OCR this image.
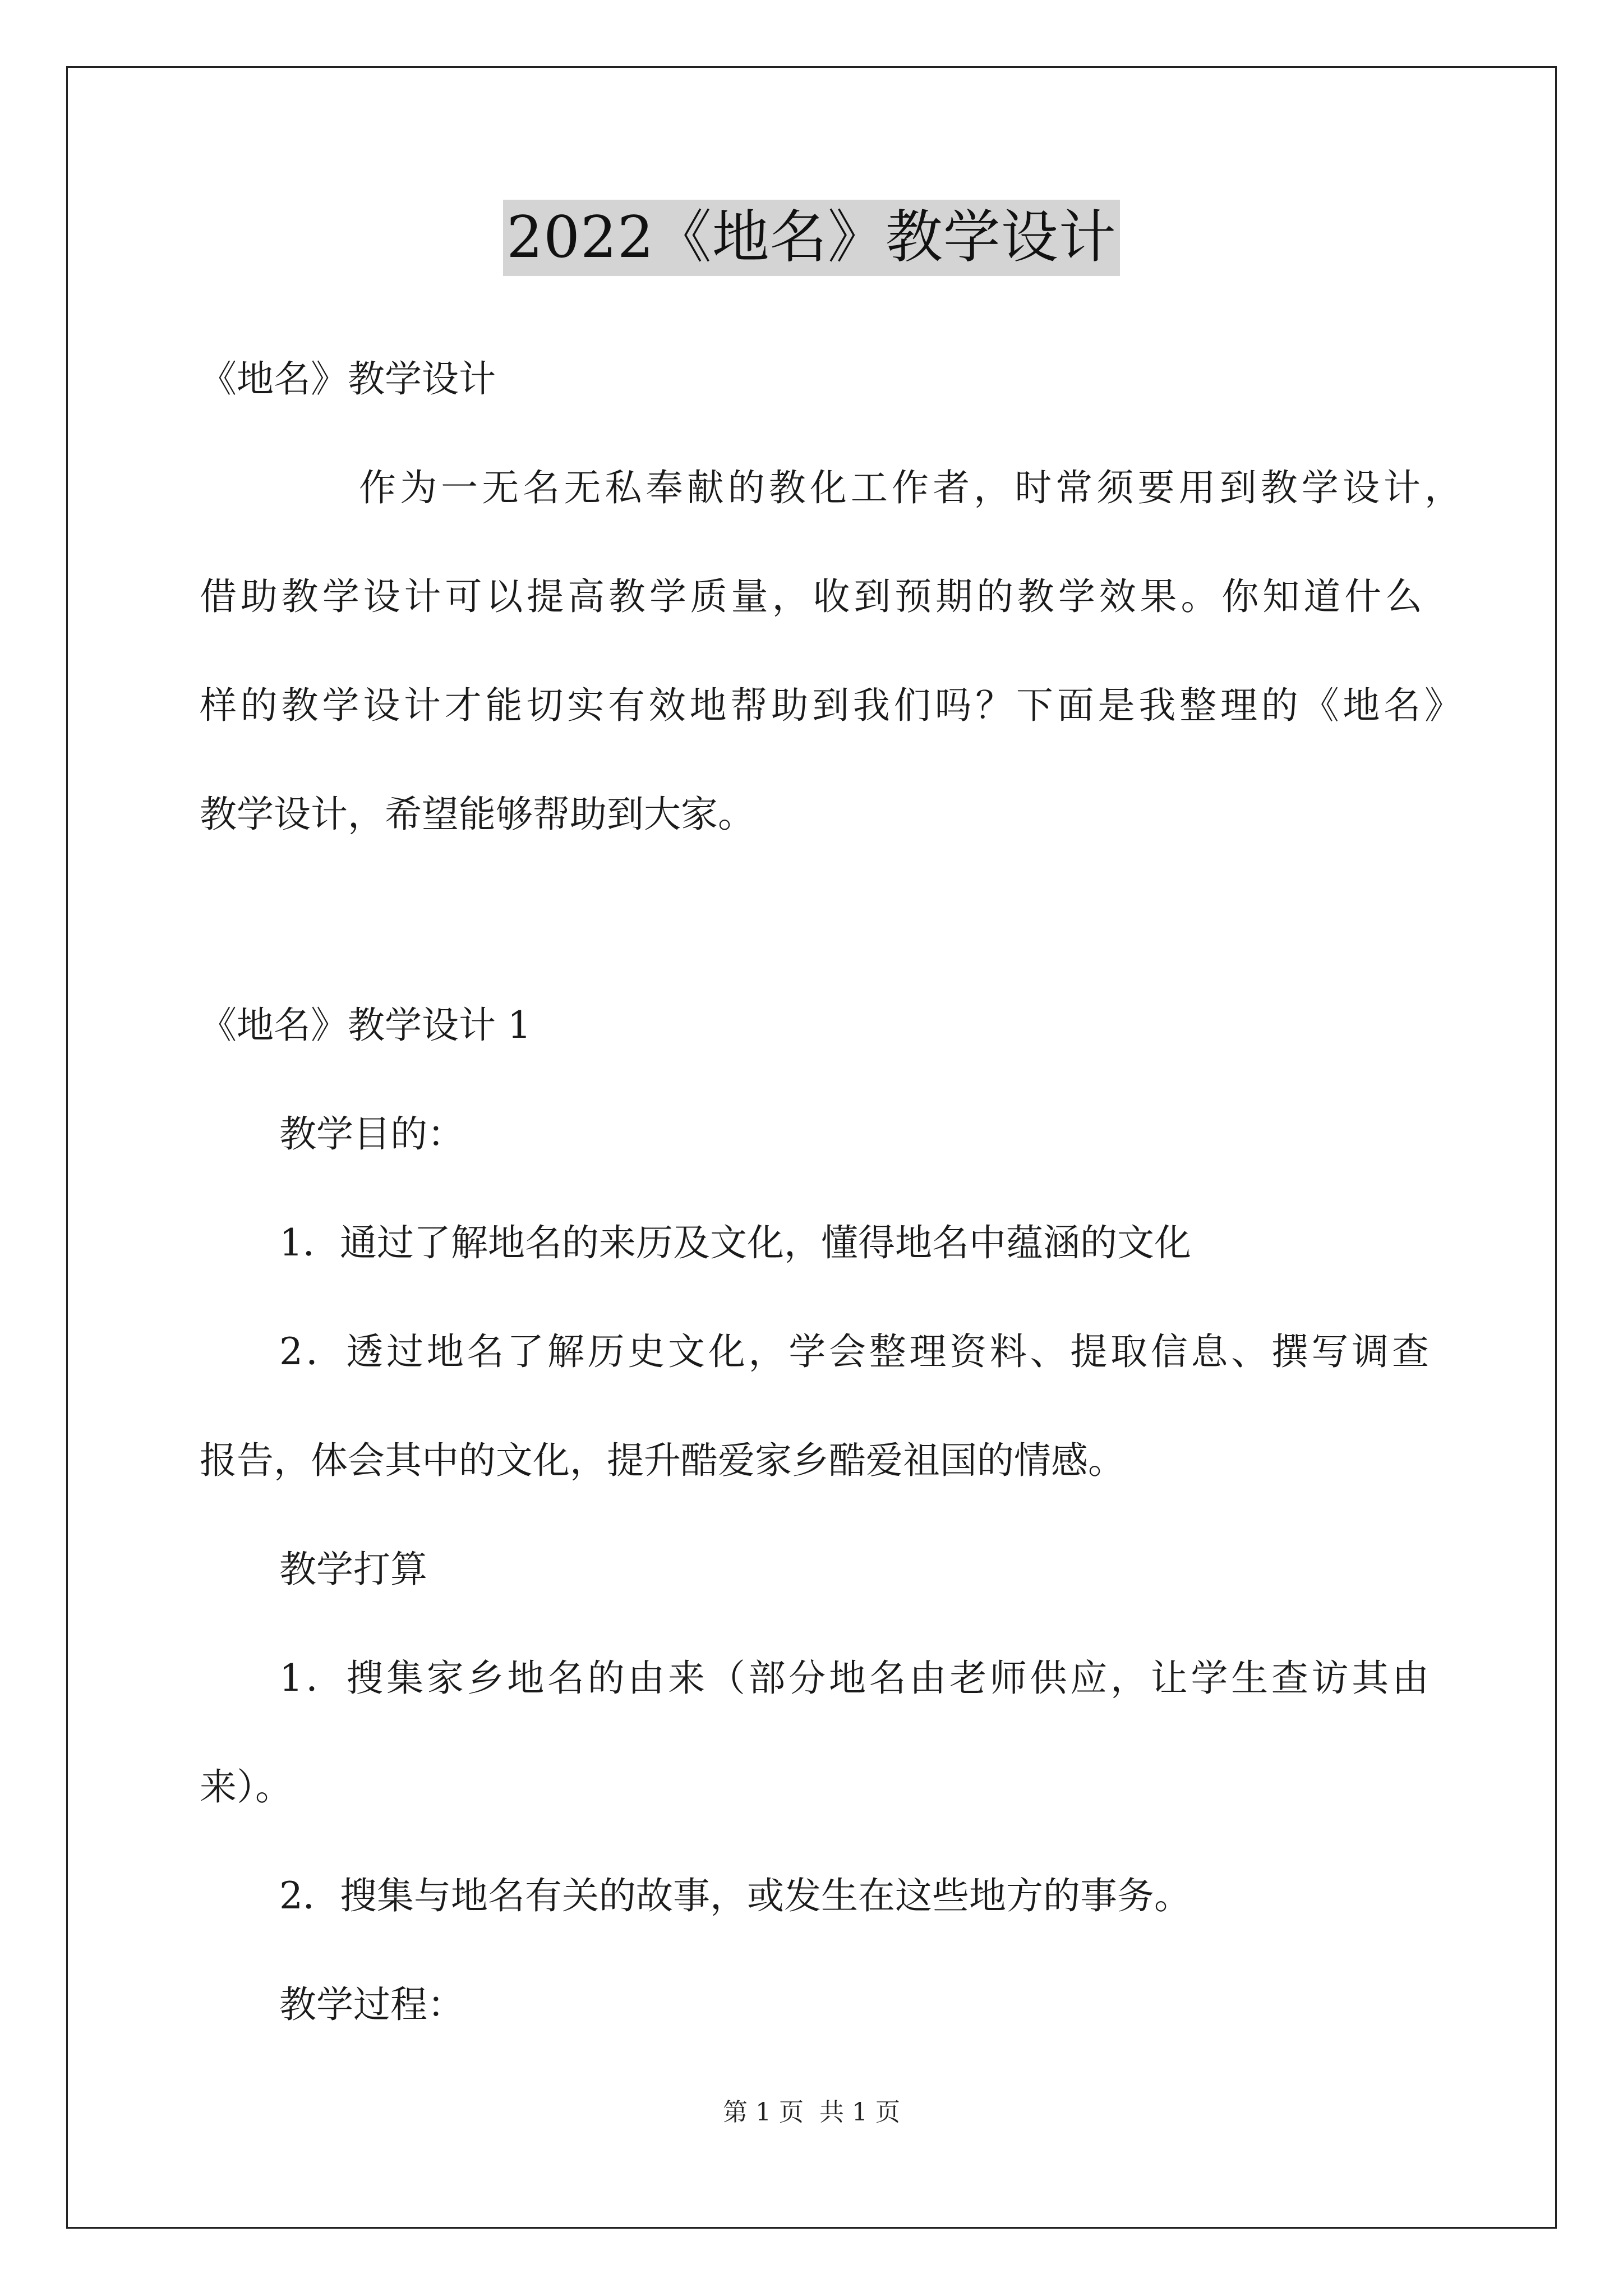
2022《地名》教学设计
《地名》教学设计
作为一无名无私奉献的教化工作者，时常须要用到教学设计，
借助教学设计可以提高教学质量，收到预期的教学效果。你知道什么
样的教学设计才能切实有效地帮助到我们吗？下面是我整理的《地名》
教学设计，希望能够帮助到大家。
《地名》教学设计 1
教学目的：
1．通过了解地名的来历及文化，懂得地名中蕴涵的文化
2．透过地名了解历史文化，学会整理资料、提取信息、撰写调查
报告，体会其中的文化，提升酷爱家乡酷爱祖国的情感。
教学打算
1．搜集家乡地名的由来（部分地名由老师供应，让学生查访其由
来）。
2．搜集与地名有关的故事，或发生在这些地方的事务。
教学过程：
第 1 页 共 1 页
